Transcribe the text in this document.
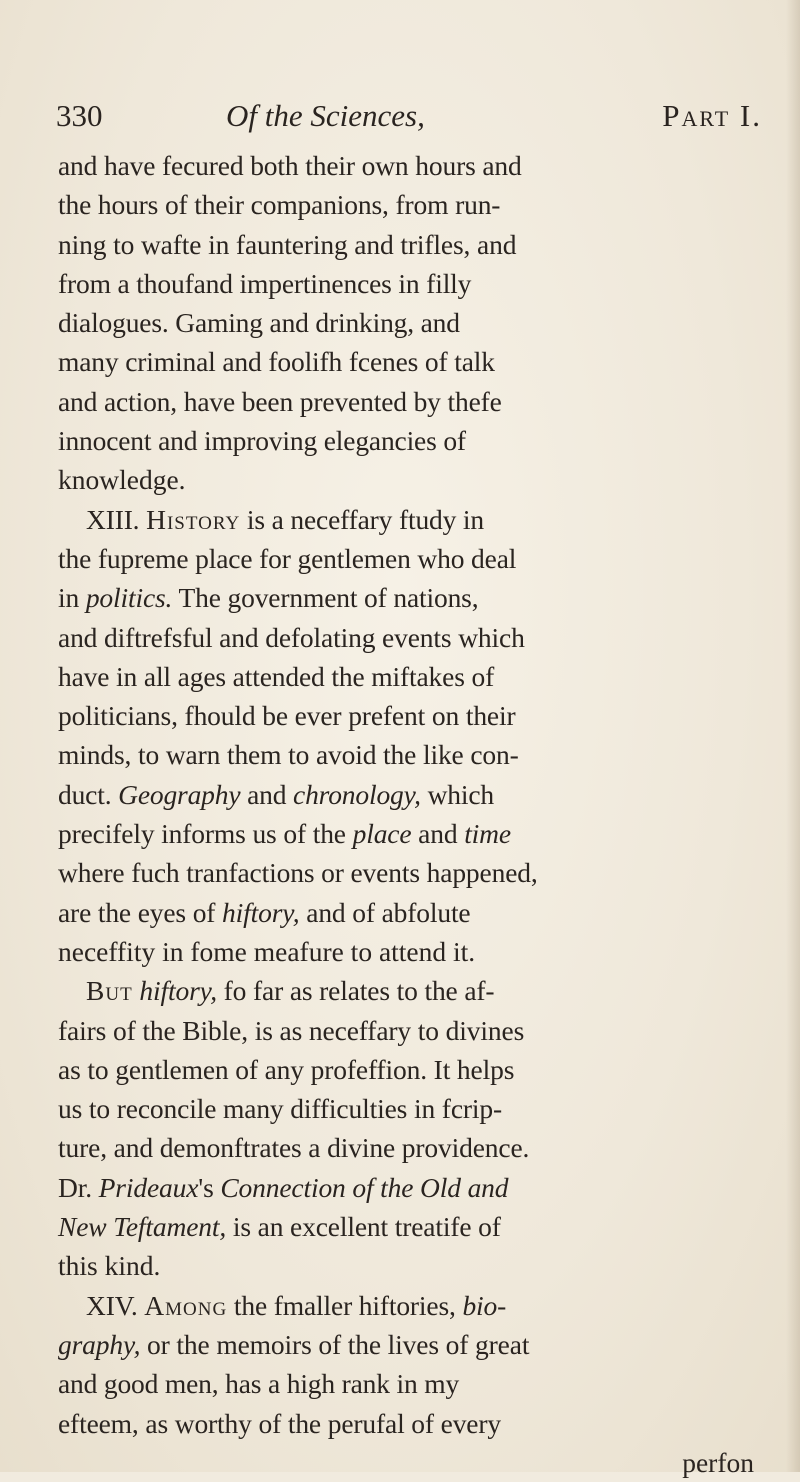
330	Of the Sciences,	Part I.
and have fecured both their own hours and
the hours of their companions, from run-
ning to wafte in fauntering and trifles, and
from a thoufand impertinences in filly
dialogues. Gaming and drinking, and
many criminal and foolifh fcenes of talk
and action, have been prevented by thefe
innocent and improving elegancies of
knowledge.
XIII. History is a neceffary ftudy in
the fupreme place for gentlemen who deal
in politics. The government of nations,
and diftrefsful and defolating events which
have in all ages attended the miftakes of
politicians, fhould be ever prefent on their
minds, to warn them to avoid the like con-
duct. Geography and chronology, which
precifely informs us of the place and time
where fuch tranfactions or events happened,
are the eyes of hiftory, and of abfolute
neceffity in fome meafure to attend it.
But hiftory, fo far as relates to the af-
fairs of the Bible, is as neceffary to divines
as to gentlemen of any profeffion. It helps
us to reconcile many difficulties in fcrip-
ture, and demonftrates a divine providence.
Dr. Prideaux's Connection of the Old and
New Teftament, is an excellent treatife of
this kind.
XIV. Among the fmaller hiftories, bio-
graphy, or the memoirs of the lives of great
and good men, has a high rank in my
efteem, as worthy of the perufal of every
perfon
